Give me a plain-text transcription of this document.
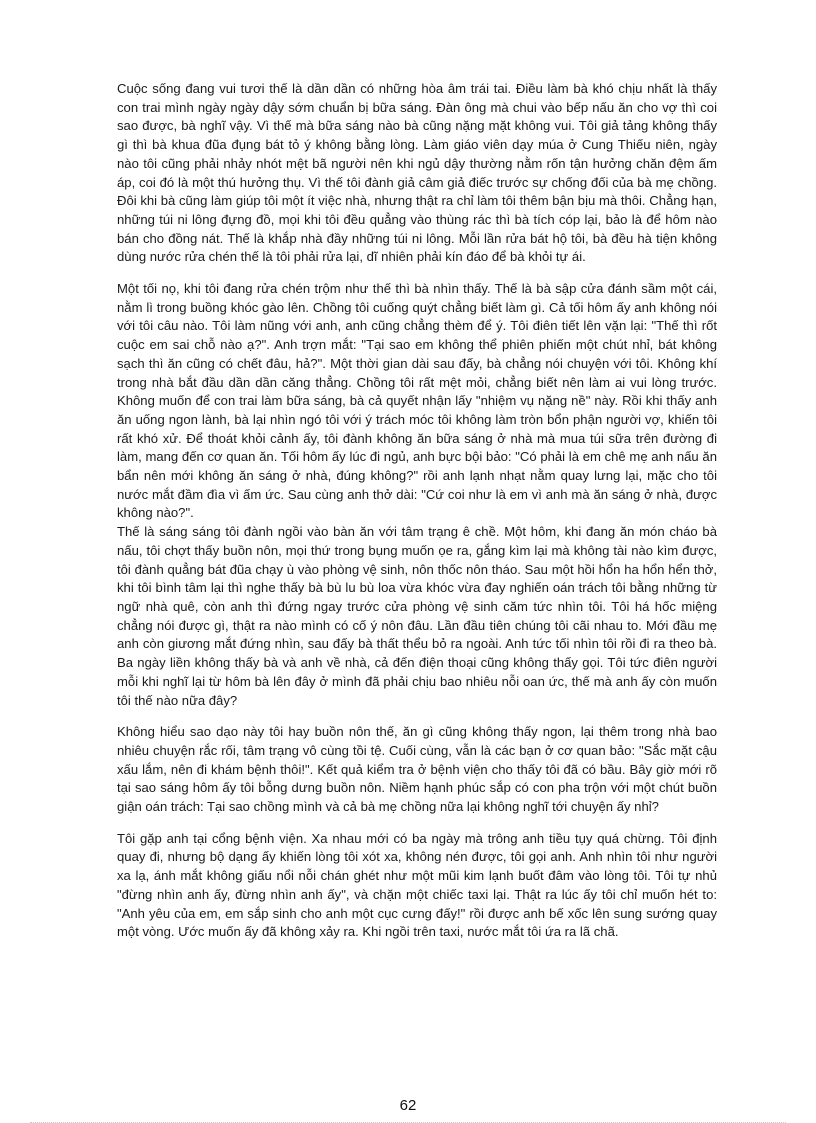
Cuộc sống đang vui tươi thế là dần dần có những hòa âm trái tai. Điều làm bà khó chịu nhất là thấy con trai mình ngày ngày dậy sớm chuẩn bị bữa sáng. Đàn ông mà chui vào bếp nấu ăn cho vợ thì coi sao được, bà nghĩ vậy. Vì thế mà bữa sáng nào bà cũng nặng mặt không vui. Tôi giả tảng không thấy gì thì bà khua đũa đụng bát tỏ ý không bằng lòng. Làm giáo viên dạy múa ở Cung Thiếu niên, ngày nào tôi cũng phải nhảy nhót mệt bã người nên khi ngủ dậy thường nằm rốn tận hưởng chăn đệm ấm áp, coi đó là một thú hưởng thụ. Vì thế tôi đành giả câm giả điếc trước sự chống đối của bà mẹ chồng. Đôi khi bà cũng làm giúp tôi một ít việc nhà, nhưng thật ra chỉ làm tôi thêm bận bịu mà thôi. Chẳng hạn, những túi ni lông đựng đồ, mọi khi tôi đều quẳng vào thùng rác thì bà tích cóp lại, bảo là để hôm nào bán cho đồng nát. Thế là khắp nhà đầy những túi ni lông. Mỗi lần rửa bát hộ tôi, bà đều hà tiện không dùng nước rửa chén thế là tôi phải rửa lại, dĩ nhiên phải kín đáo để bà khỏi tự ái.

Một tối nọ, khi tôi đang rửa chén trộm như thế thì bà nhìn thấy. Thế là bà sập cửa đánh sầm một cái, nằm lì trong buồng khóc gào lên. Chồng tôi cuống quýt chẳng biết làm gì. Cả tối hôm ấy anh không nói với tôi câu nào. Tôi làm nũng với anh, anh cũng chẳng thèm để ý. Tôi điên tiết lên vặn lại: "Thế thì rốt cuộc em sai chỗ nào ạ?". Anh trợn mắt: "Tại sao em không thể phiên phiến một chút nhỉ, bát không sạch thì ăn cũng có chết đâu, hả?". Một thời gian dài sau đấy, bà chẳng nói chuyện với tôi. Không khí trong nhà bắt đầu dần dần căng thẳng. Chồng tôi rất mệt mỏi, chẳng biết nên làm ai vui lòng trước. Không muốn để con trai làm bữa sáng, bà cả quyết nhận lấy "nhiệm vụ nặng nề" này. Rồi khi thấy anh ăn uống ngon lành, bà lại nhìn ngó tôi với ý trách móc tôi không làm tròn bổn phận người vợ, khiến tôi rất khó xử. Để thoát khỏi cảnh ấy, tôi đành không ăn bữa sáng ở nhà mà mua túi sữa trên đường đi làm, mang đến cơ quan ăn. Tối hôm ấy lúc đi ngủ, anh bực bội bảo: "Có phải là em chê mẹ anh nấu ăn bẩn nên mới không ăn sáng ở nhà, đúng không?" rồi anh lạnh nhạt nằm quay lưng lại, mặc cho tôi nước mắt đầm đìa vì ấm ức. Sau cùng anh thở dài: "Cứ coi như là em vì anh mà ăn sáng ở nhà, được không nào?".

Thế là sáng sáng tôi đành ngồi vào bàn ăn với tâm trạng ê chề. Một hôm, khi đang ăn món cháo bà nấu, tôi chợt thấy buồn nôn, mọi thứ trong bụng muốn ọe ra, gắng kìm lại mà không tài nào kìm được, tôi đành quẳng bát đũa chạy ù vào phòng vệ sinh, nôn thốc nôn tháo. Sau một hồi hổn ha hổn hển thở, khi tôi bình tâm lại thì nghe thấy bà bù lu bù loa vừa khóc vừa đay nghiến oán trách tôi bằng những từ ngữ nhà quê, còn anh thì đứng ngay trước cửa phòng vệ sinh căm tức nhìn tôi. Tôi há hốc miệng chẳng nói được gì, thật ra nào mình có cố ý nôn đâu. Lần đầu tiên chúng tôi cãi nhau to. Mới đầu mẹ anh còn giương mắt đứng nhìn, sau đấy bà thất thểu bỏ ra ngoài. Anh tức tối nhìn tôi rồi đi ra theo bà. Ba ngày liền không thấy bà và anh về nhà, cả đến điện thoại cũng không thấy gọi. Tôi tức điên người mỗi khi nghĩ lại từ hôm bà lên đây ở mình đã phải chịu bao nhiêu nỗi oan ức, thế mà anh ấy còn muốn tôi thế nào nữa đây?

Không hiểu sao dạo này tôi hay buồn nôn thế, ăn gì cũng không thấy ngon, lại thêm trong nhà bao nhiêu chuyện rắc rối, tâm trạng vô cùng tồi tệ. Cuối cùng, vẫn là các bạn ở cơ quan bảo: "Sắc mặt cậu xấu lắm, nên đi khám bệnh thôi!". Kết quả kiểm tra ở bệnh viện cho thấy tôi đã có bầu. Bây giờ mới rõ tại sao sáng hôm ấy tôi bỗng dưng buồn nôn. Niềm hạnh phúc sắp có con pha trộn với một chút buồn giận oán trách: Tại sao chồng mình và cả bà mẹ chồng nữa lại không nghĩ tới chuyện ấy nhỉ?

Tôi gặp anh tại cổng bệnh viện. Xa nhau mới có ba ngày mà trông anh tiều tụy quá chừng. Tôi định quay đi, nhưng bộ dạng ấy khiến lòng tôi xót xa, không nén được, tôi gọi anh. Anh nhìn tôi như người xa lạ, ánh mắt không giấu nổi nỗi chán ghét như một mũi kim lạnh buốt đâm vào lòng tôi. Tôi tự nhủ "đừng nhìn anh ấy, đừng nhìn anh ấy", và chặn một chiếc taxi lại. Thật ra lúc ấy tôi chỉ muốn hét to: "Anh yêu của em, em sắp sinh cho anh một cục cưng đấy!" rồi được anh bế xốc lên sung sướng quay một vòng. Ước muốn ấy đã không xảy ra. Khi ngồi trên taxi, nước mắt tôi ứa ra lã chã.

62
